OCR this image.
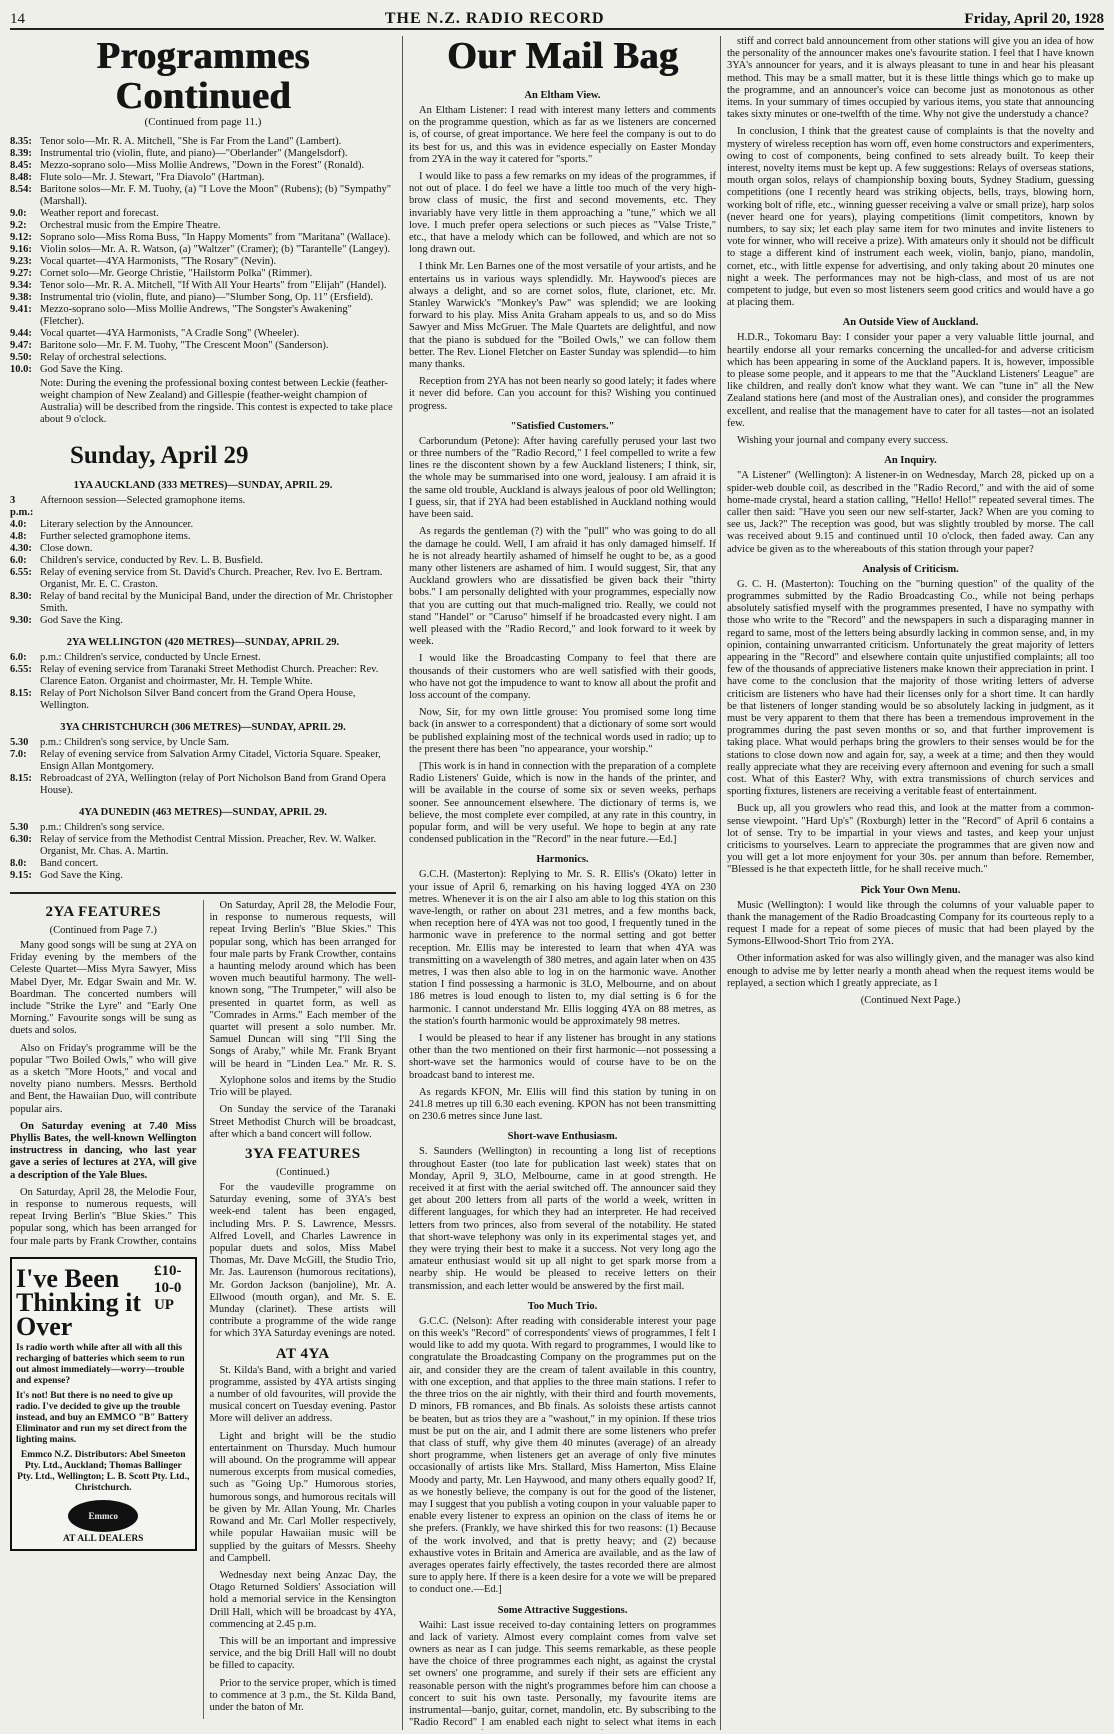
14	THE N.Z. RADIO RECORD	Friday, April 20, 1928
Programmes Continued
(Continued from page 11.)
8.35: Tenor solo—Mr. R. A. Mitchell, "She is Far From the Land" (Lambert).
8.39: Instrumental trio (violin, flute, and piano)—"Oberlander" (Mangelsdorf).
8.45: Mezzo-soprano solo—Miss Mollie Andrews, "Down in the Forest" (Ronald).
8.48: Flute solo—Mr. J. Stewart, "Fra Diavolo" (Hartman).
8.54: Baritone solos—Mr. F. M. Tuohy, (a) "I Love the Moon" (Rubens); (b) "Sympathy" (Marshall).
9.0:	Weather report and forecast.
9.2:	Orchestral music from the Empire Theatre.
9.12: Soprano solo—Miss Roma Buss, "In Happy Moments" from "Maritana" (Wallace).
9.16: Violin solos—Mr. A. R. Watson, (a) "Waltzer" (Cramer); (b) "Tarantelle" (Langey).
9.23: Vocal quartet—4YA Harmonists, "The Rosary" (Nevin).
9.27: Cornet solo—Mr. George Christie, "Hailstorm Polka" (Rimmer).
9.34: Tenor solo—Mr. R. A. Mitchell, "If With All Your Hearts" from "Elijah" (Handel).
9.38: Instrumental trio (violin, flute, and piano)—"Slumber Song, Op. 11" (Ersfield).
9.41: Mezzo-soprano solo—Miss Mollie Andrews, "The Songster's Awakening" (Fletcher).
9.44: Vocal quartet—4YA Harmonists, "A Cradle Song" (Wheeler).
9.47: Baritone solo—Mr. F. M. Tuohy, "The Crescent Moon" (Sanderson).
9.50: Relay of orchestral selections.
10.0: God Save the King.
Note: During the evening the professional boxing contest between Leckie (feather-weight champion of New Zealand) and Gillespie (feather-weight champion of Australia) will be described from the ringside. This contest is expected to take place about 9 o'clock.
Sunday, April 29
1YA AUCKLAND (333 METRES)—SUNDAY, APRIL 29.
3 p.m.:
Afternoon session—Selected gramophone items.
4.0:	Literary selection by the Announcer.
4.8:	Further selected gramophone items.
4.30: Close down.
6.0:	Children's service, conducted by Rev. L. B. Busfield.
6.55: Relay of evening service from St. David's Church. Preacher, Rev. Ivo E. Bertram. Organist, Mr. E. C. Craston.
8.30: Relay of band recital by the Municipal Band, under the direction of Mr. Christopher Smith.
9.30: God Save the King.
2YA WELLINGTON (420 METRES)—SUNDAY, APRIL 29.
6.0:	p.m.: Children's service, conducted by Uncle Ernest.
6.55: Relay of evening service from Taranaki Street Methodist Church. Preacher: Rev. Clarence Eaton. Organist and choirmaster, Mr. H. Temple White.
8.15: Relay of Port Nicholson Silver Band concert from the Grand Opera House, Wellington.
3YA CHRISTCHURCH (306 METRES)—SUNDAY, APRIL 29.
5.30	p.m.: Children's song service, by Uncle Sam.
7.0:	Relay of evening service from Salvation Army Citadel, Victoria Square. Speaker, Ensign Allan Montgomery.
8.15: Rebroadcast of 2YA, Wellington (relay of Port Nicholson Band from Grand Opera House).
4YA DUNEDIN (463 METRES)—SUNDAY, APRIL 29.
5.30	p.m.: Children's song service.
6.30: Relay of service from the Methodist Central Mission. Preacher, Rev. W. Walker. Organist, Mr. Chas. A. Martin.
8.0:	Band concert.
9.15: God Save the King.
2YA FEATURES
(Continued from Page 7.)

Many good songs will be sung at 2YA on Friday evening by the members of the Celeste Quartet—Miss Myra Sawyer, Miss Mabel Dyer, Mr. Edgar Swain and Mr. W. Boardman. The concerted numbers will include "Strike the Lyre" and "Early One Morning." Favourite songs will be sung as duets and solos.

Also on Friday's programme will be the popular "Two Boiled Owls," who will give as a sketch "More Hoots," and vocal and novelty piano numbers. Messrs. Berthold and Bent, the Hawaiian Duo, will contribute popular airs.

On Saturday evening at 7.40 Miss Phyllis Bates, the well-known Wellington instructress in dancing, who last year gave a series of lectures at 2YA, will give a description of the Yale Blues.

On Saturday, April 28, the Melodie Four, in response to numerous requests, will repeat Irving Berlin's "Blue Skies." This popular song, which has been arranged for four male parts by Frank Crowther, contains

I've Been Thinking it Over
£10-10-0 UP
Is radio worth while after all with all this recharging of batteries which seem to run out almost immediately—worry—trouble and expense?
It's not! But there is no need to give up radio. I've decided to give up the trouble instead, and buy an EMMCO "B" Battery Eliminator and run my set direct from the lighting mains.
Emmco N.Z. Distributors: Abel Smeeton Pty. Ltd., Auckland; Thomas Ballinger Pty. Ltd., Wellington; L. B. Scott Pty. Ltd., Christchurch.
Emmco
AT ALL DEALERS

On Saturday, April 28, the Melodie Four, in response to numerous requests, will repeat Irving Berlin's "Blue Skies." This popular song, which has been arranged for four male parts by Frank Crowther, contains a haunting melody around which has been woven much beautiful harmony. The well-known song, "The Trumpeter," will also be presented in quartet form, as well as "Comrades in Arms." Each member of the quartet will present a solo number. Mr. Samuel Duncan will sing "I'll Sing the Songs of Araby," while Mr. Frank Bryant will be heard in "Linden Lea." Mr. R. S.

Xylophone solos and items by the Studio Trio will be played.

On Sunday the service of the Taranaki Street Methodist Church will be broadcast, after which a band concert will follow.

3YA FEATURES
(Continued.)

For the vaudeville programme on Saturday evening, some of 3YA's best week-end talent has been engaged, including Mrs. P. S. Lawrence, Messrs. Alfred Lovell, and Charles Lawrence in popular duets and solos, Miss Mabel Thomas, Mr. Dave McGill, the Studio Trio, Mr. Jas. Laurenson (humorous recitations), Mr. Gordon Jackson (banjoline), Mr. A. Ellwood (mouth organ), and Mr. S. E. Munday (clarinet). These artists will contribute a programme of the wide range for which 3YA Saturday evenings are noted.

AT 4YA

St. Kilda's Band, with a bright and varied programme, assisted by 4YA artists singing a number of old favourites, will provide the musical concert on Tuesday evening. Pastor More will deliver an address.

Light and bright will be the studio entertainment on Thursday. Much humour will abound. On the programme will appear numerous excerpts from musical comedies, such as "Going Up." Humorous stories, humorous songs, and humorous recitals will be given by Mr. Allan Young, Mr. Charles Rowand and Mr. Carl Moller respectively, while popular Hawaiian music will be supplied by the guitars of Messrs. Sheehy and Campbell.

Wednesday next being Anzac Day, the Otago Returned Soldiers' Association will hold a memorial service in the Kensington Drill Hall, which will be broadcast by 4YA, commencing at 2.45 p.m.

This will be an important and impressive service, and the big Drill Hall will no doubt be filled to capacity.

Prior to the service proper, which is timed to commence at 3 p.m., the St. Kilda Band, under the baton of Mr.

Our Mail Bag
An Eltham View.

An Eltham Listener: I read with interest many letters and comments on the programme question, which as far as we listeners are concerned is, of course, of great importance. We here feel the company is out to do its best for us, and this was in evidence especially on Easter Monday from 2YA in the way it catered for "sports."

I would like to pass a few remarks on my ideas of the programmes, if not out of place. I do feel we have a little too much of the very high-brow class of music, the first and second movements, etc. They invariably have very little in them approaching a "tune," which we all love. I much prefer opera selections or such pieces as "Valse Triste," etc., that have a melody which can be followed, and which are not so long drawn out.

I think Mr. Len Barnes one of the most versatile of your artists, and he entertains us in various ways splendidly. Mr. Haywood's pieces are always a delight, and so are cornet solos, flute, clarionet, etc. Mr. Stanley Warwick's "Monkey's Paw" was splendid; we are looking forward to his play. Miss Anita Graham appeals to us, and so do Miss Sawyer and Miss McGruer. The Male Quartets are delightful, and now that the piano is subdued for the "Boiled Owls," we can follow them better. The Rev. Lionel Fletcher on Easter Sunday was splendid—to him many thanks.

Reception from 2YA has not been nearly so good lately; it fades where it never did before. Can you account for this? Wishing you continued progress.

"Satisfied Customers."

Carborundum (Petone): After having carefully perused your last two or three numbers of the "Radio Record," I feel compelled to write a few lines re the discontent shown by a few Auckland listeners; I think, sir, the whole may be summarised into one word, jealousy. I am afraid it is the same old trouble, Auckland is always jealous of poor old Wellington; I guess, sir, that if 2YA had been established in Auckland nothing would have been said.

As regards the gentleman (?) with the "pull" who was going to do all the damage he could. Well, I am afraid it has only damaged himself. If he is not already heartily ashamed of himself he ought to be, as a good many other listeners are ashamed of him. I would suggest, Sir, that any Auckland growlers who are dissatisfied be given back their "thirty bobs." I am personally delighted with your programmes, especially now that you are cutting out that much-maligned trio. Really, we could not stand "Handel" or "Caruso" himself if he broadcasted every night. I am well pleased with the "Radio Record," and look forward to it week by week.

I would like the Broadcasting Company to feel that there are thousands of their customers who are well satisfied with their goods, who have not got the impudence to want to know all about the profit and loss account of the company.

Now, Sir, for my own little grouse: You promised some long time back (in answer to a correspondent) that a dictionary of some sort would be published explaining most of the technical words used in radio; up to the present there has been "no appearance, your worship."

[This work is in hand in connection with the preparation of a complete Radio Listeners' Guide, which is now in the hands of the printer, and will be available in the course of some six or seven weeks, perhaps sooner. See announcement elsewhere. The dictionary of terms is, we believe, the most complete ever compiled, at any rate in this country, in popular form, and will be very useful. We hope to begin at any rate condensed publication in the "Record" in the near future.—Ed.]

Harmonics.

G.C.H. (Masterton): Replying to Mr. S. R. Ellis's (Okato) letter in your issue of April 6, remarking on his having logged 4YA on 230 metres. Whenever it is on the air I also am able to log this station on this wave-length, or rather on about 231 metres, and a few months back, when reception here of 4YA was not too good, I frequently tuned in the harmonic wave in preference to the normal setting and got better reception. Mr. Ellis may be interested to learn that when 4YA was transmitting on a wavelength of 380 metres, and again later when on 435 metres, I was then also able to log in on the harmonic wave. Another station I find possessing a harmonic is 3LO, Melbourne, and on about 186 metres is loud enough to listen to, my dial setting is 6 for the harmonic. I cannot understand Mr. Ellis logging 4YA on 88 metres, as the station's fourth harmonic would be approximately 98 metres.

I would be pleased to hear if any listener has brought in any stations other than the two mentioned on their first harmonic—not possessing a short-wave set the harmonics would of course have to be on the broadcast band to interest me.

As regards KFON, Mr. Ellis will find this station by tuning in on 241.8 metres up till 6.30 each evening. KPON has not been transmitting on 230.6 metres since June last.

Short-wave Enthusiasm.

S. Saunders (Wellington) in recounting a long list of receptions throughout Easter (too late for publication last week) states that on Monday, April 9, 3LO, Melbourne, came in at good strength. He received it at first with the aerial switched off. The announcer said they get about 200 letters from all parts of the world a week, written in different languages, for which they had an interpreter. He had received letters from two princes, also from several of the notability. He stated that short-wave telephony was only in its experimental stages yet, and they were trying their best to make it a success. Not very long ago the amateur enthusiast would sit up all night to get spark morse from a nearby ship. He would be pleased to receive letters on their transmission, and each letter would be answered by the first mail.

Too Much Trio.

G.C.C. (Nelson): After reading with considerable interest your page on this week's "Record" of correspondents' views of programmes, I felt I would like to add my quota. With regard to programmes, I would like to congratulate the Broadcasting Company on the programmes put on the air, and consider they are the cream of talent available in this country, with one exception, and that applies to the three main stations. I refer to the three trios on the air nightly, with their third and fourth movements, D minors, FB romances, and Bb finals. As soloists these artists cannot be beaten, but as trios they are a "washout," in my opinion. If these trios must be put on the air, and I admit there are some listeners who prefer that class of stuff, why give them 40 minutes (average) of an already short programme, when listeners get an average of only five minutes occasionally of artists like Mrs. Stallard, Miss Hamerton, Miss Elaine Moody and party, Mr. Len Haywood, and many others equally good? If, as we honestly believe, the company is out for the good of the listener, may I suggest that you publish a voting coupon in your valuable paper to enable every listener to express an opinion on the class of items he or she prefers. (Frankly, we have shirked this for two reasons: (1) Because of the work involved, and that is pretty heavy; and (2) because exhaustive votes in Britain and America are available, and as the law of averages operates fairly effectively, the tastes recorded there are almost sure to apply here. If there is a keen desire for a vote we will be prepared to conduct one.—Ed.]

Some Attractive Suggestions.

Waihi: Last issue received to-day containing letters on programmes and lack of variety. Almost every complaint comes from valve set owners as near as I can judge. This seems remarkable, as these people have the choice of three programmes each night, as against the crystal set owners' one programme, and surely if their sets are efficient any reasonable person with the night's programmes before him can choose a concert to suit his own taste. Personally, my favourite items are instrumental—banjo, guitar, cornet, mandolin, etc. By subscribing to the "Radio Record" I am enabled each night to select what items in each

stiff and correct bald announcement from other stations will give you an idea of how the personality of the announcer makes one's favourite station. I feel that I have known 3YA's announcer for years, and it is always pleasant to tune in and hear his pleasant method. This may be a small matter, but it is these little things which go to make up the programme, and an announcer's voice can become just as monotonous as other items. In your summary of times occupied by various items, you state that announcing takes sixty minutes or one-twelfth of the time. Why not give the understudy a chance?

In conclusion, I think that the greatest cause of complaints is that the novelty and mystery of wireless reception has worn off, even home constructors and experimenters, owing to cost of components, being confined to sets already built. To keep their interest, novelty items must be kept up. A few suggestions: Relays of overseas stations, mouth organ solos, relays of championship boxing bouts, Sydney Stadium, guessing competitions (one I recently heard was striking objects, bells, trays, blowing horn, working bolt of rifle, etc., winning guesser receiving a valve or small prize), harp solos (never heard one for years), playing competitions (limit competitors, known by numbers, to say six; let each play same item for two minutes and invite listeners to vote for winner, who will receive a prize). With amateurs only it should not be difficult to stage a different kind of instrument each week, violin, banjo, piano, mandolin, cornet, etc., with little expense for advertising, and only taking about 20 minutes one night a week. The performances may not be high-class, and most of us are not competent to judge, but even so most listeners seem good critics and would have a go at placing them.

An Outside View of Auckland.

H.D.R., Tokomaru Bay: I consider your paper a very valuable little journal, and heartily endorse all your remarks concerning the uncalled-for and adverse criticism which has been appearing in some of the Auckland papers. It is, however, impossible to please some people, and it appears to me that the "Auckland Listeners' League" are like children, and really don't know what they want. We can "tune in" all the New Zealand stations here (and most of the Australian ones), and consider the programmes excellent, and realise that the management have to cater for all tastes—not an isolated few.

Wishing your journal and company every success.

An Inquiry.

"A Listener" (Wellington): A listener-in on Wednesday, March 28, picked up on a spider-web double coil, as described in the "Radio Record," and with the aid of some home-made crystal, heard a station calling, "Hello! Hello!" repeated several times. The caller then said: "Have you seen our new self-starter, Jack? When are you coming to see us, Jack?" The reception was good, but was slightly troubled by morse. The call was received about 9.15 and continued until 10 o'clock, then faded away. Can any advice be given as to the whereabouts of this station through your paper?

Analysis of Criticism.

G. C. H. (Masterton): Touching on the "burning question" of the quality of the programmes submitted by the Radio Broadcasting Co., while not being perhaps absolutely satisfied myself with the programmes presented, I have no sympathy with those who write to the "Record" and the newspapers in such a disparaging manner in regard to same, most of the letters being absurdly lacking in common sense, and, in my opinion, containing unwarranted criticism. Unfortunately the great majority of letters appearing in the "Record" and elsewhere contain quite unjustified complaints; all too few of the thousands of appreciative listeners make known their appreciation in print. I have come to the conclusion that the majority of those writing letters of adverse criticism are listeners who have had their licenses only for a short time. It can hardly be that listeners of longer standing would be so absolutely lacking in judgment, as it must be very apparent to them that there has been a tremendous improvement in the programmes during the past seven months or so, and that further improvement is taking place. What would perhaps bring the growlers to their senses would be for the stations to close down now and again for, say, a week at a time; and then they would really appreciate what they are receiving every afternoon and evening for such a small cost. What of this Easter? Why, with extra transmissions of church services and sporting fixtures, listeners are receiving a veritable feast of entertainment.

Buck up, all you growlers who read this, and look at the matter from a common-sense viewpoint. "Hard Up's" (Roxburgh) letter in the "Record" of April 6 contains a lot of sense. Try to be impartial in your views and tastes, and keep your unjust criticisms to yourselves. Learn to appreciate the programmes that are given now and you will get a lot more enjoyment for your 30s. per annum than before. Remember, "Blessed is he that expecteth little, for he shall receive much."

Pick Your Own Menu.

Music (Wellington): I would like through the columns of your valuable paper to thank the management of the Radio Broadcasting Company for its courteous reply to a request I made for a repeat of some pieces of music that had been played by the Symons-Ellwood-Short Trio from 2YA.

Other information asked for was also willingly given, and the manager was also kind enough to advise me by letter nearly a month ahead when the request items would be replayed, a section which I greatly appreciate, as I

(Continued Next Page.)
